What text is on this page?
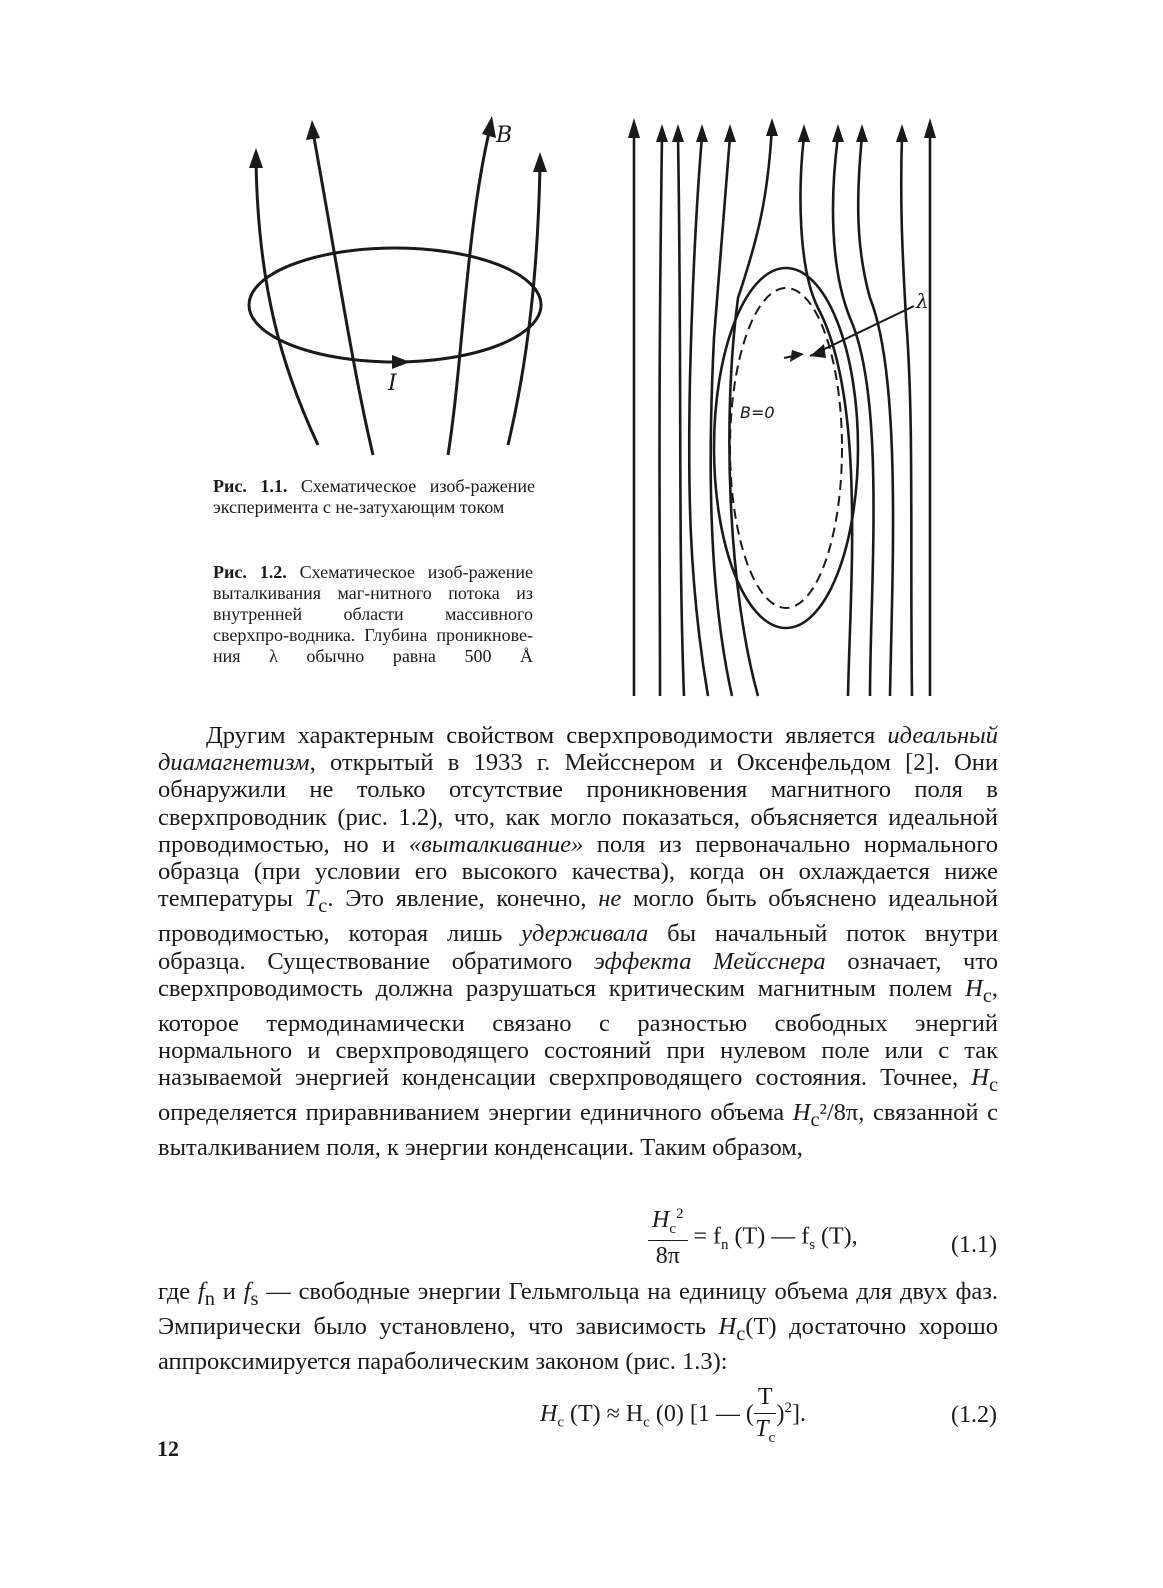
B
I
λ
B=0
Рис. 1.1. Схематическое изоб-ражение эксперимента с не-затухающим током
Рис. 1.2. Схематическое изоб-ражение выталкивания маг-нитного потока из внутренней области массивного сверхпро-водника. Глубина проникнове-ния λ обычно равна 500 Å

Другим характерным свойством сверхпроводимости является идеальный диамагнетизм, открытый в 1933 г. Мейсснером и Оксенфельдом [2]. Они обнаружили не только отсутствие проникновения магнитного поля в сверхпроводник (рис. 1.2), что, как могло показаться, объясняется идеальной проводимостью, но и «выталкивание» поля из первоначально нормального образца (при условии его высокого качества), когда он охлаждается ниже температуры $T_c$. Это явление, конечно, не могло быть объяснено идеальной проводимостью, которая лишь удерживала бы начальный поток внутри образца. Существование обратимого эффекта Мейсснера означает, что сверхпроводимость должна разрушаться критическим магнитным полем $H_c$, которое термодинамически связано с разностью свободных энергий нормального и сверхпроводящего состояний при нулевом поле или с так называемой энергией конденсации сверхпроводящего состояния. Точнее, $H_c$ определяется приравниванием энергии единичного объема $H_c^2/8\pi$, связанной с выталкиванием поля, к энергии конденсации. Таким образом,

$\frac{H_c^2}{8\pi} = f_n$ (T) — $f_s$ (T),	(1.1)

где $f_n$ и $f_s$ — свободные энергии Гельмгольца на единицу объема для двух фаз. Эмпирически было установлено, что зависимость $H_c(T)$ достаточно хорошо аппроксимируется параболическим законом (рис. 1.3):

$H_c$ $(T) \approx H_c$ (0) [1 — ( $\frac{T}{T_c} )^2$].	(1.2)
12
